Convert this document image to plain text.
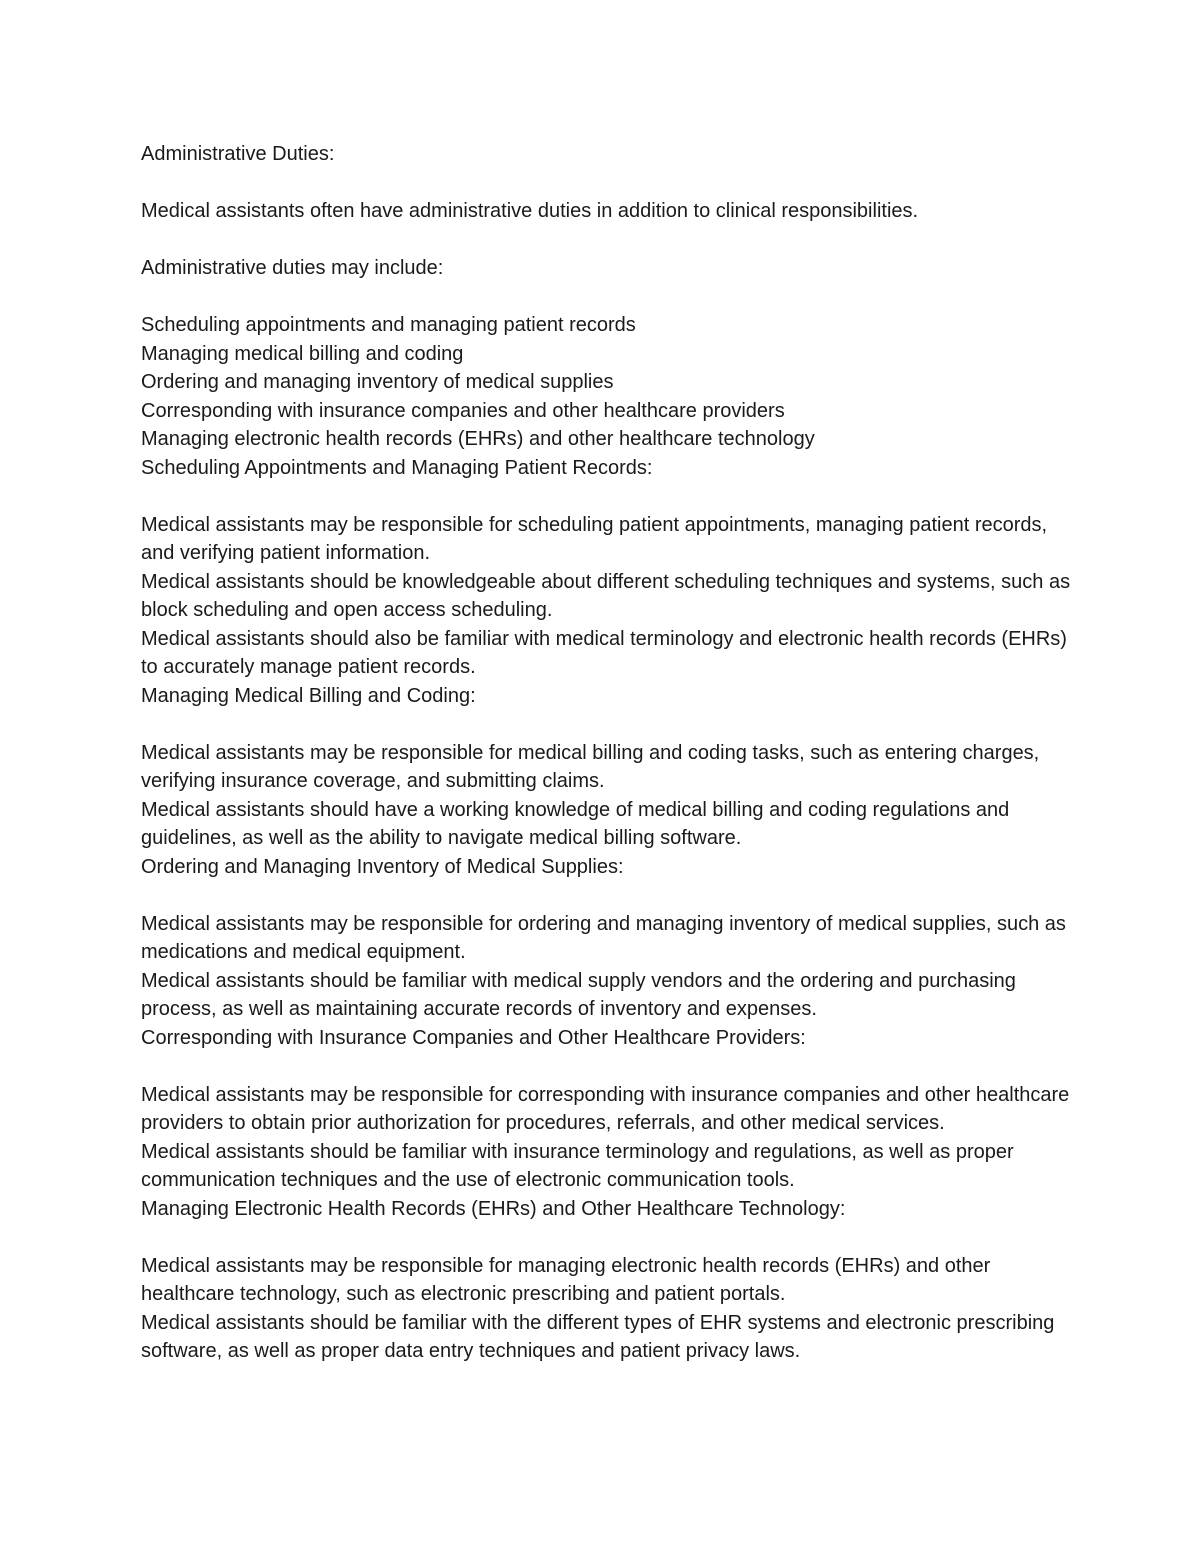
Administrative Duties:

Medical assistants often have administrative duties in addition to clinical responsibilities.

Administrative duties may include:

Scheduling appointments and managing patient records

Managing medical billing and coding

Ordering and managing inventory of medical supplies

Corresponding with insurance companies and other healthcare providers

Managing electronic health records (EHRs) and other healthcare technology

Scheduling Appointments and Managing Patient Records:

Medical assistants may be responsible for scheduling patient appointments, managing patient records, and verifying patient information.

Medical assistants should be knowledgeable about different scheduling techniques and systems, such as block scheduling and open access scheduling.

Medical assistants should also be familiar with medical terminology and electronic health records (EHRs) to accurately manage patient records.

Managing Medical Billing and Coding:

Medical assistants may be responsible for medical billing and coding tasks, such as entering charges, verifying insurance coverage, and submitting claims.

Medical assistants should have a working knowledge of medical billing and coding regulations and guidelines, as well as the ability to navigate medical billing software.

Ordering and Managing Inventory of Medical Supplies:

Medical assistants may be responsible for ordering and managing inventory of medical supplies, such as medications and medical equipment.

Medical assistants should be familiar with medical supply vendors and the ordering and purchasing process, as well as maintaining accurate records of inventory and expenses.

Corresponding with Insurance Companies and Other Healthcare Providers:

Medical assistants may be responsible for corresponding with insurance companies and other healthcare providers to obtain prior authorization for procedures, referrals, and other medical services.

Medical assistants should be familiar with insurance terminology and regulations, as well as proper communication techniques and the use of electronic communication tools.

Managing Electronic Health Records (EHRs) and Other Healthcare Technology:

Medical assistants may be responsible for managing electronic health records (EHRs) and other healthcare technology, such as electronic prescribing and patient portals.

Medical assistants should be familiar with the different types of EHR systems and electronic prescribing software, as well as proper data entry techniques and patient privacy laws.
